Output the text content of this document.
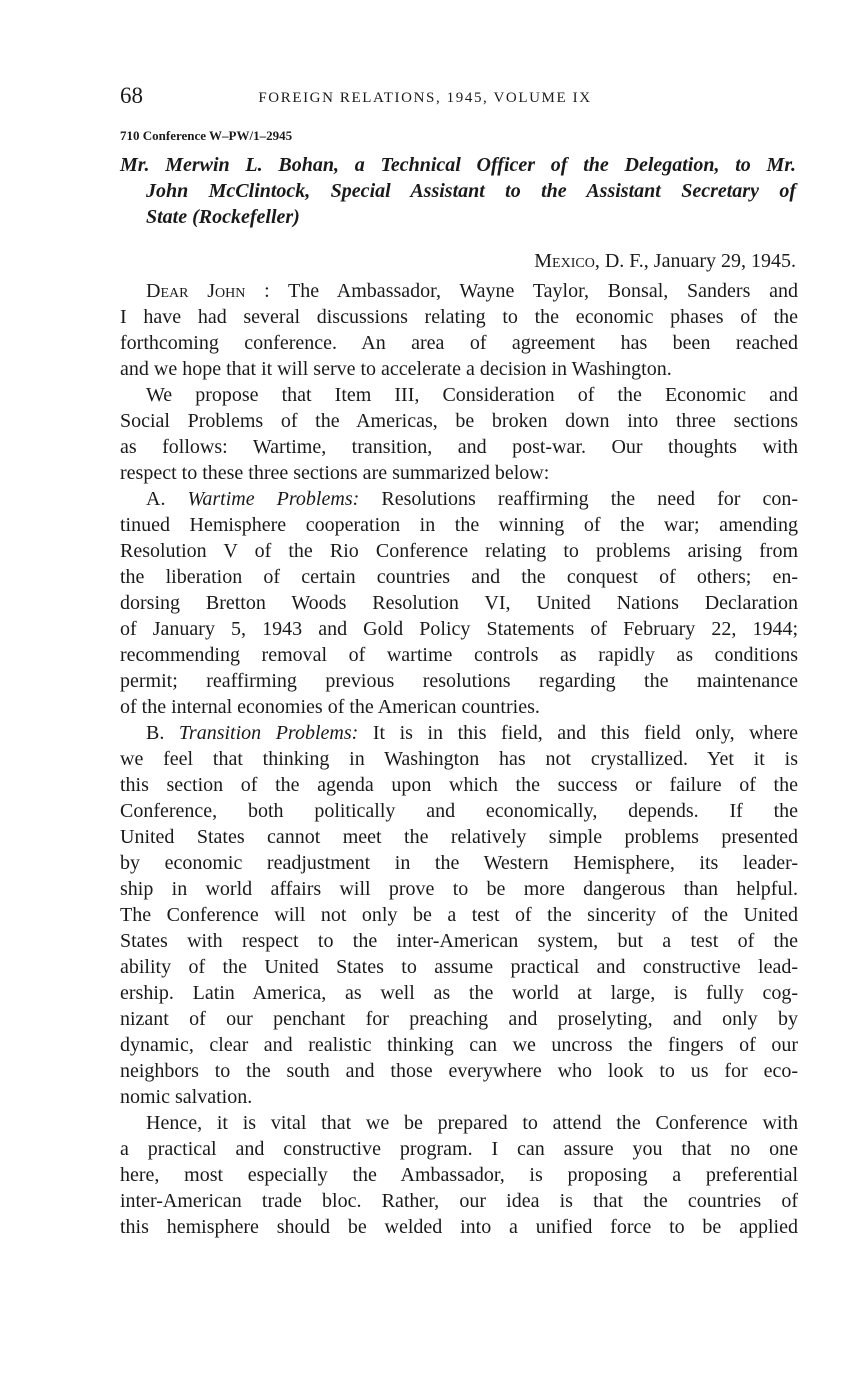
68	FOREIGN RELATIONS, 1945, VOLUME IX
710 Conference W–PW/1–2945
Mr. Merwin L. Bohan, a Technical Officer of the Delegation, to Mr.
John McClintock, Special Assistant to the Assistant Secretary of
State (Rockefeller)
Mexico, D. F., January 29, 1945.
Dear John : The Ambassador, Wayne Taylor, Bonsal, Sanders and
I have had several discussions relating to the economic phases of the
forthcoming conference. An area of agreement has been reached
and we hope that it will serve to accelerate a decision in Washington.
We propose that Item III, Consideration of the Economic and
Social Problems of the Americas, be broken down into three sections
as follows: Wartime, transition, and post-war. Our thoughts with
respect to these three sections are summarized below:
A. Wartime Problems: Resolutions reaffirming the need for con-
tinued Hemisphere cooperation in the winning of the war; amending
Resolution V of the Rio Conference relating to problems arising from
the liberation of certain countries and the conquest of others; en-
dorsing Bretton Woods Resolution VI, United Nations Declaration
of January 5, 1943 and Gold Policy Statements of February 22, 1944;
recommending removal of wartime controls as rapidly as conditions
permit; reaffirming previous resolutions regarding the maintenance
of the internal economies of the American countries.
B. Transition Problems: It is in this field, and this field only, where
we feel that thinking in Washington has not crystallized. Yet it is
this section of the agenda upon which the success or failure of the
Conference, both politically and economically, depends. If the
United States cannot meet the relatively simple problems presented
by economic readjustment in the Western Hemisphere, its leader-
ship in world affairs will prove to be more dangerous than helpful.
The Conference will not only be a test of the sincerity of the United
States with respect to the inter-American system, but a test of the
ability of the United States to assume practical and constructive lead-
ership. Latin America, as well as the world at large, is fully cog-
nizant of our penchant for preaching and proselyting, and only by
dynamic, clear and realistic thinking can we uncross the fingers of our
neighbors to the south and those everywhere who look to us for eco-
nomic salvation.
Hence, it is vital that we be prepared to attend the Conference with
a practical and constructive program. I can assure you that no one
here, most especially the Ambassador, is proposing a preferential
inter-American trade bloc. Rather, our idea is that the countries of
this hemisphere should be welded into a unified force to be applied
